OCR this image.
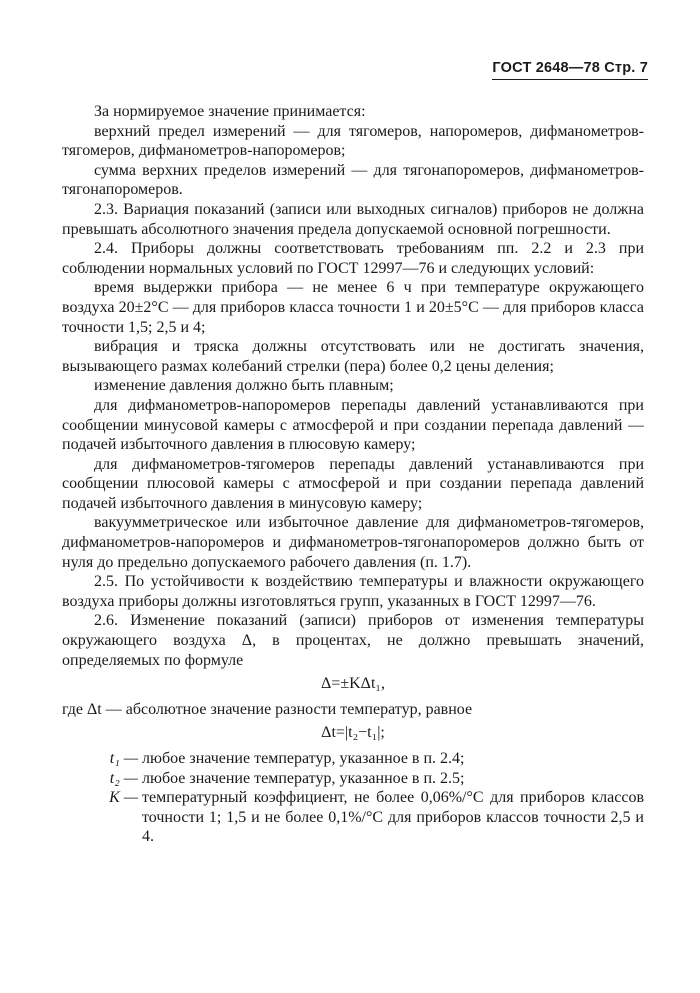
ГОСТ 2648—78 Стр. 7

За нормируемое значение принимается:

верхний предел измерений — для тягомеров, напоромеров, дифманометров-тягомеров, дифманометров-напоромеров;

сумма верхних пределов измерений — для тягонапоромеров, дифманометров-тягонапоромеров.

2.3. Вариация показаний (записи или выходных сигналов) приборов не должна превышать абсолютного значения предела допускаемой основной погрешности.

2.4. Приборы должны соответствовать требованиям пп. 2.2 и 2.3 при соблюдении нормальных условий по ГОСТ 12997—76 и следующих условий:

время выдержки прибора — не менее 6 ч при температуре окружающего воздуха 20±2°С — для приборов класса точности 1 и 20±5°С — для приборов класса точности 1,5; 2,5 и 4;

вибрация и тряска должны отсутствовать или не достигать значения, вызывающего размах колебаний стрелки (пера) более 0,2 цены деления;

изменение давления должно быть плавным;

для дифманометров-напоромеров перепады давлений устанавливаются при сообщении минусовой камеры с атмосферой и при создании перепада давлений — подачей избыточного давления в плюсовую камеру;

для дифманометров-тягомеров перепады давлений устанавливаются при сообщении плюсовой камеры с атмосферой и при создании перепада давлений подачей избыточного давления в минусовую камеру;

вакуумметрическое или избыточное давление для дифманометров-тягомеров, дифманометров-напоромеров и дифманометров-тягонапоромеров должно быть от нуля до предельно допускаемого рабочего давления (п. 1.7).

2.5. По устойчивости к воздействию температуры и влажности окружающего воздуха приборы должны изготовляться групп, указанных в ГОСТ 12997—76.

2.6. Изменение показаний (записи) приборов от изменения температуры окружающего воздуха Δ, в процентах, не должно превышать значений, определяемых по формуле

Δ=±KΔt₁,

где Δt — абсолютное значение разности температур, равное

Δt=|t₂−t₁|;

t₁ — любое значение температур, указанное в п. 2.4;
t₂ — любое значение температур, указанное в п. 2.5;
K — температурный коэффициент, не более 0,06%/°С для приборов классов точности 1; 1,5 и не более 0,1%/°С для приборов классов точности 2,5 и 4.
